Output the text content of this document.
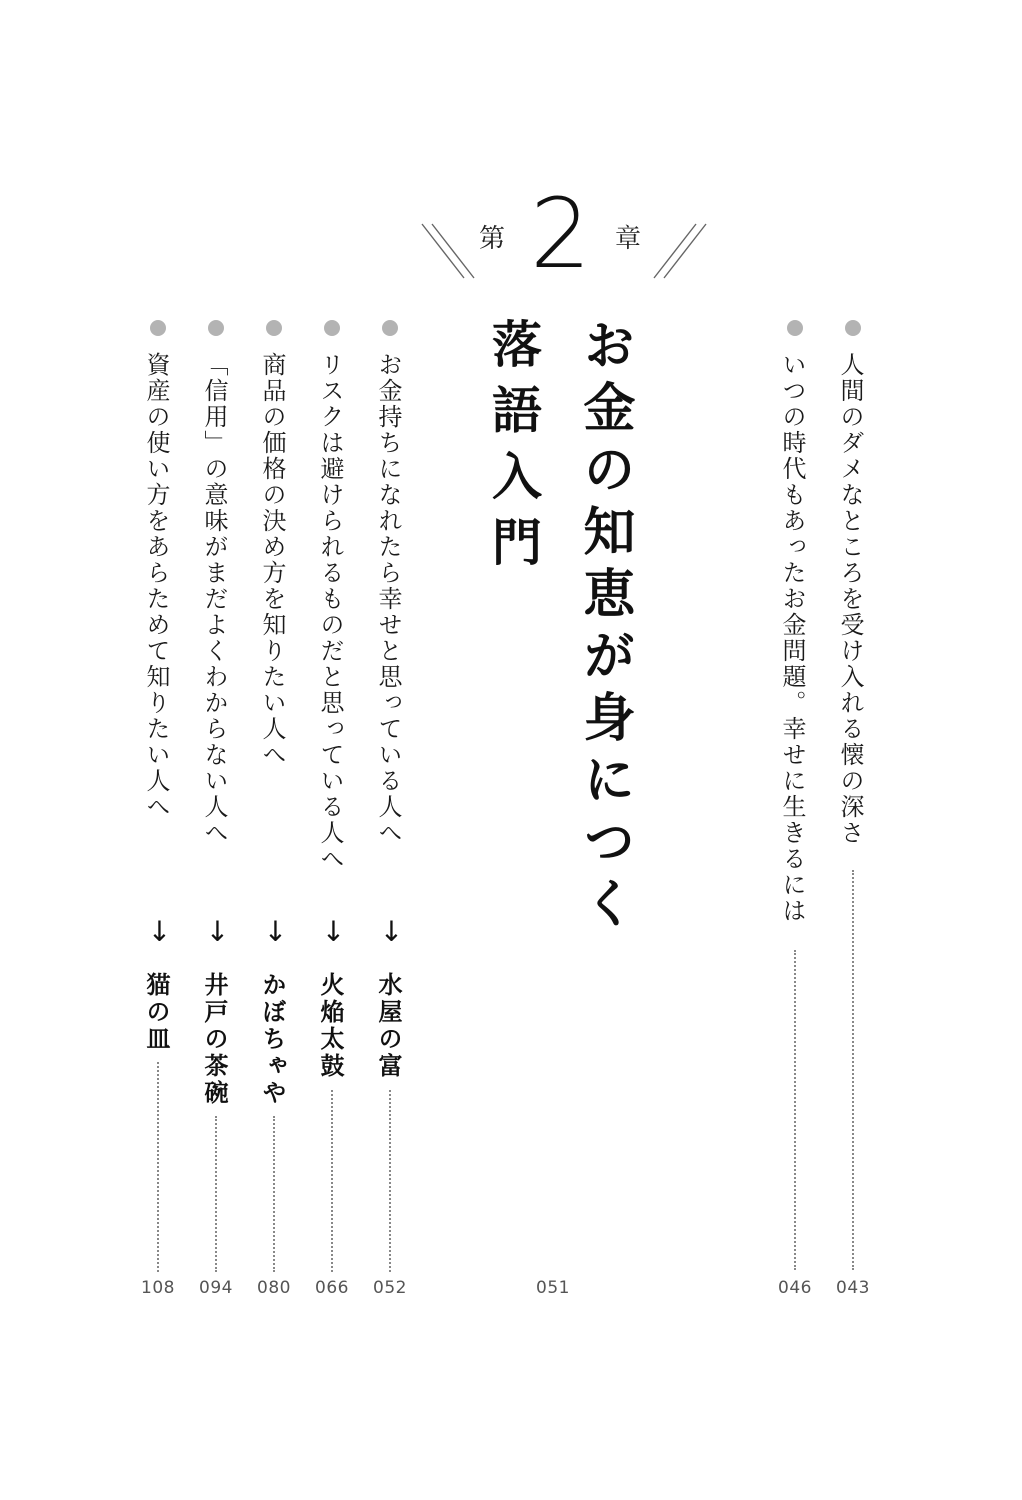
第 2 章
人間のダメなところを受け入れる懐の深さ
043
いつの時代もあったお金問題。幸せに生きるには
046
お金の知恵が身につく
落語入門
051
お金持ちになれたら幸せと思っている人へ
↓
水屋の富
052
リスクは避けられるものだと思っている人へ
↓
火焔太鼓
066
商品の価格の決め方を知りたい人へ
↓
かぼちゃや
080
「信用」の意味がまだよくわからない人へ
↓
井戸の茶碗
094
資産の使い方をあらためて知りたい人へ
↓
猫の皿
108
